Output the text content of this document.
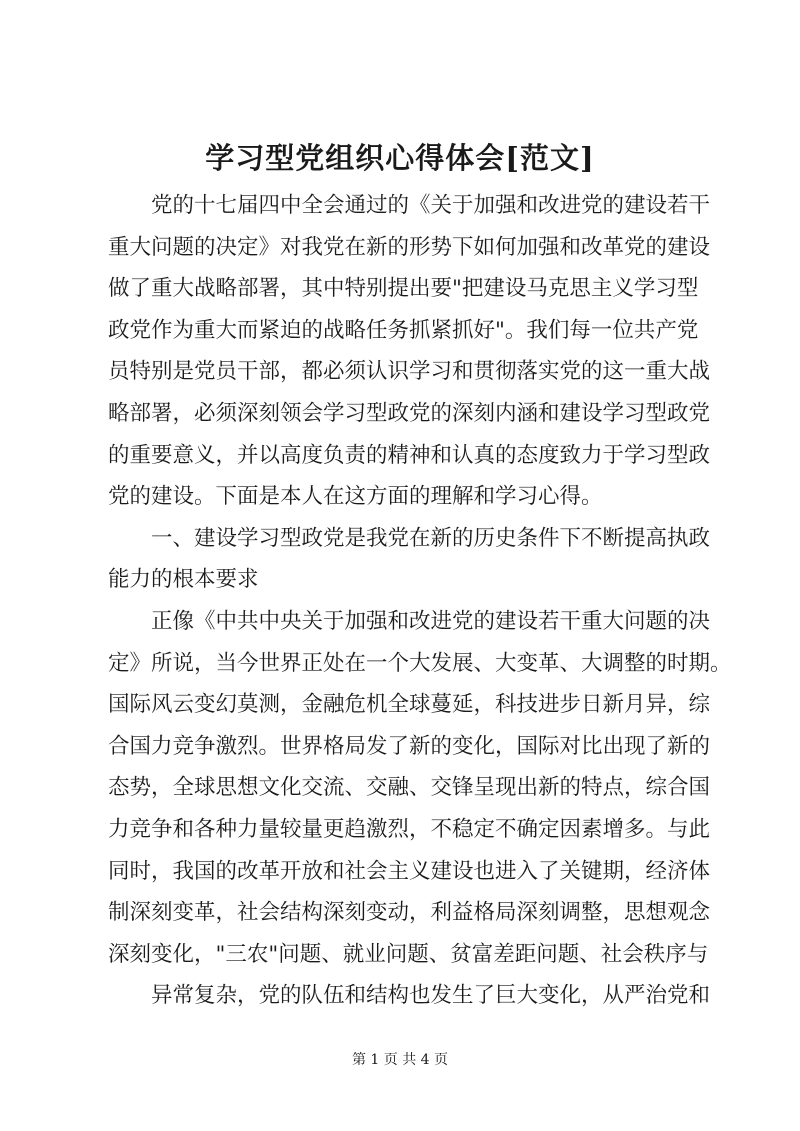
学习型党组织心得体会[范文]
党的十七届四中全会通过的《关于加强和改进党的建设若干
重大问题的决定》对我党在新的形势下如何加强和改革党的建设
做了重大战略部署，其中特别提出要"把建设马克思主义学习型
政党作为重大而紧迫的战略任务抓紧抓好"。我们每一位共产党
员特别是党员干部，都必须认识学习和贯彻落实党的这一重大战
略部署，必须深刻领会学习型政党的深刻内涵和建设学习型政党
的重要意义，并以高度负责的精神和认真的态度致力于学习型政
党的建设。下面是本人在这方面的理解和学习心得。
一、建设学习型政党是我党在新的历史条件下不断提高执政
能力的根本要求
正像《中共中央关于加强和改进党的建设若干重大问题的决
定》所说，当今世界正处在一个大发展、大变革、大调整的时期。
国际风云变幻莫测，金融危机全球蔓延，科技进步日新月异，综
合国力竞争激烈。世界格局发了新的变化，国际对比出现了新的
态势，全球思想文化交流、交融、交锋呈现出新的特点，综合国
力竞争和各种力量较量更趋激烈，不稳定不确定因素增多。与此
同时，我国的改革开放和社会主义建设也进入了关键期，经济体
制深刻变革，社会结构深刻变动，利益格局深刻调整，思想观念
深刻变化，"三农"问题、就业问题、贫富差距问题、社会秩序与
异常复杂，党的队伍和结构也发生了巨大变化，从严治党和
第 1 页 共 4 页
